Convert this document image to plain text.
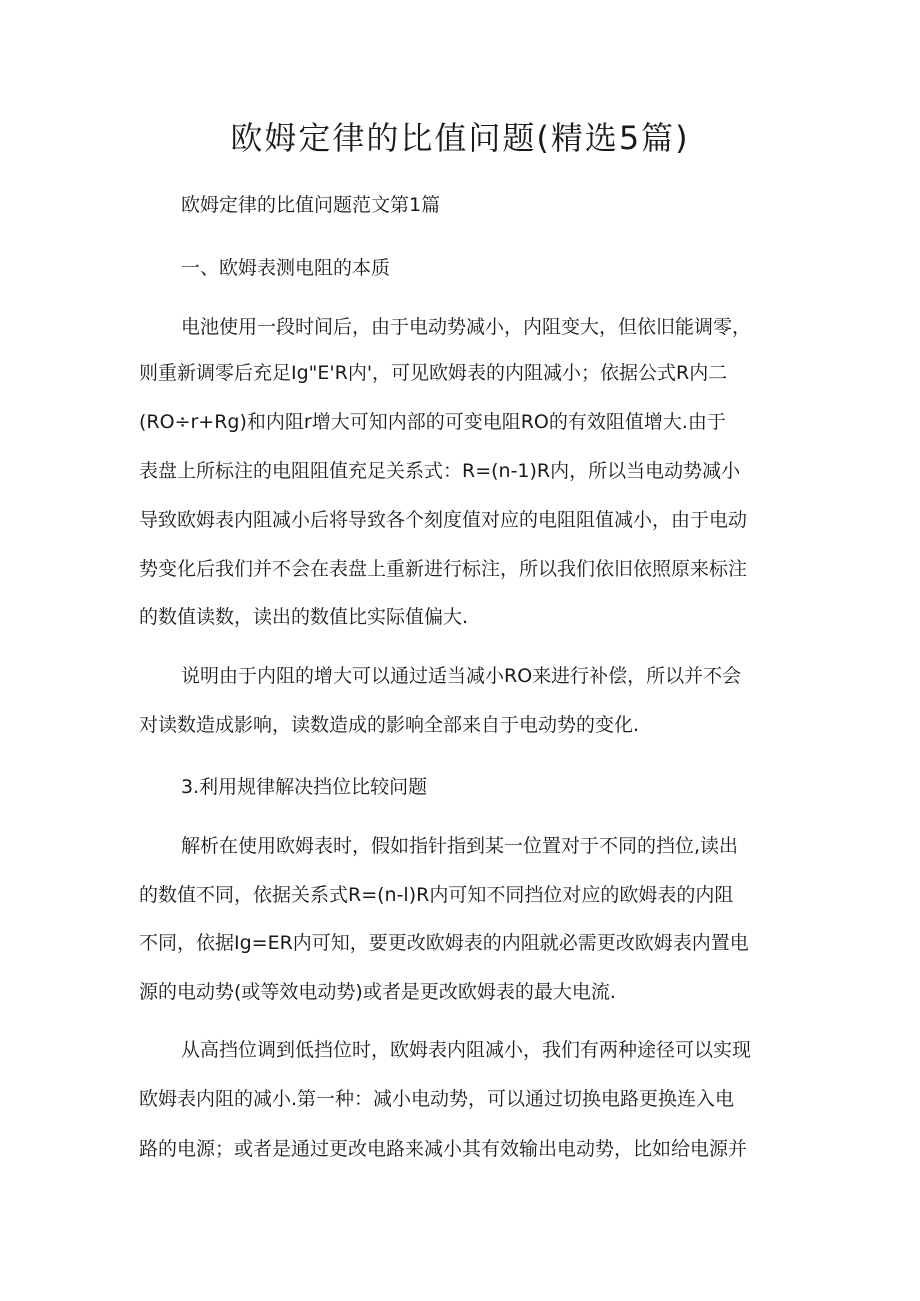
欧姆定律的比值问题(精选5篇)
欧姆定律的比值问题范文第1篇
一、欧姆表测电阻的本质
电池使用一段时间后，由于电动势减小，内阻变大，但依旧能调零，
则重新调零后充足Ig"E'R内'，可见欧姆表的内阻减小；依据公式R内二
(RO÷r+Rg)和内阻r增大可知内部的可变电阻RO的有效阻值增大.由于
表盘上所标注的电阻阻值充足关系式：R=(n-1)R内，所以当电动势减小
导致欧姆表内阻减小后将导致各个刻度值对应的电阻阻值减小，由于电动
势变化后我们并不会在表盘上重新进行标注，所以我们依旧依照原来标注
的数值读数，读出的数值比实际值偏大.
说明由于内阻的增大可以通过适当减小RO来进行补偿，所以并不会
对读数造成影响，读数造成的影响全部来自于电动势的变化.
3.利用规律解决挡位比较问题
解析在使用欧姆表时，假如指针指到某一位置对于不同的挡位,读出
的数值不同，依据关系式R=(n-l)R内可知不同挡位对应的欧姆表的内阻
不同，依据Ig=ER内可知，要更改欧姆表的内阻就必需更改欧姆表内置电
源的电动势(或等效电动势)或者是更改欧姆表的最大电流.
从高挡位调到低挡位时，欧姆表内阻减小，我们有两种途径可以实现
欧姆表内阻的减小.第一种：减小电动势，可以通过切换电路更换连入电
路的电源；或者是通过更改电路来减小其有效输出电动势，比如给电源并
